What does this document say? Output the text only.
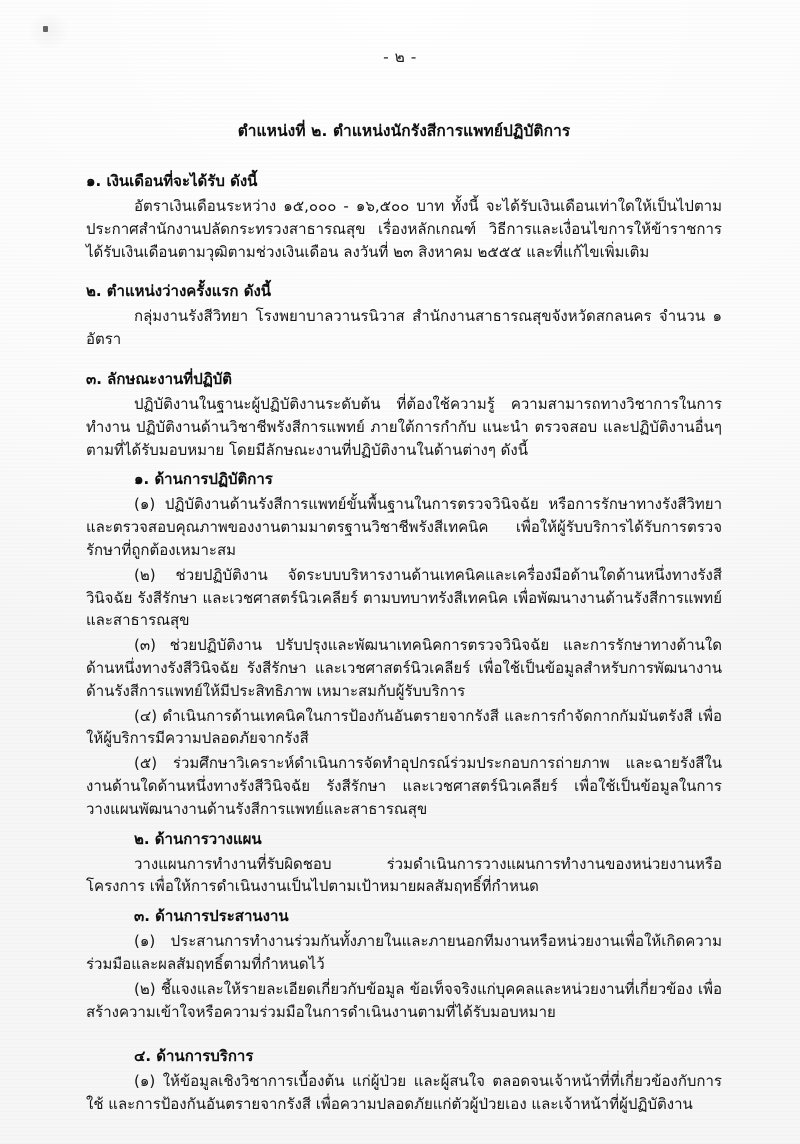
- ๒ -
ตำแหน่งที่ ๒. ตำแหน่งนักรังสีการแพทย์ปฏิบัติการ
๑. เงินเดือนที่จะได้รับ ดังนี้

อัตราเงินเดือนระหว่าง ๑๕,๐๐๐ - ๑๖,๕๐๐ บาท ทั้งนี้ จะได้รับเงินเดือนเท่าใดให้เป็นไปตามประกาศสำนักงานปลัดกระทรวงสาธารณสุข เรื่องหลักเกณฑ์ วิธีการและเงื่อนไขการให้ข้าราชการได้รับเงินเดือนตามวุฒิตามช่วงเงินเดือน ลงวันที่ ๒๓ สิงหาคม ๒๕๕๕ และที่แก้ไขเพิ่มเติม

๒. ตำแหน่งว่างครั้งแรก ดังนี้

กลุ่มงานรังสีวิทยา โรงพยาบาลวานรนิวาส สำนักงานสาธารณสุขจังหวัดสกลนคร จำนวน ๑ อัตรา

๓. ลักษณะงานที่ปฏิบัติ

ปฏิบัติงานในฐานะผู้ปฏิบัติงานระดับต้น ที่ต้องใช้ความรู้ ความสามารถทางวิชาการในการทำงาน ปฏิบัติงานด้านวิชาชีพรังสีการแพทย์ ภายใต้การกำกับ แนะนำ ตรวจสอบ และปฏิบัติงานอื่นๆ ตามที่ได้รับมอบหมาย โดยมีลักษณะงานที่ปฏิบัติงานในด้านต่างๆ ดังนี้

๑. ด้านการปฏิบัติการ

(๑) ปฏิบัติงานด้านรังสีการแพทย์ขั้นพื้นฐานในการตรวจวินิจฉัย หรือการรักษาทางรังสีวิทยา และตรวจสอบคุณภาพของงานตามมาตรฐานวิชาชีพรังสีเทคนิค เพื่อให้ผู้รับบริการได้รับการตรวจรักษาที่ถูกต้องเหมาะสม

(๒) ช่วยปฏิบัติงาน จัดระบบบริหารงานด้านเทคนิคและเครื่องมือด้านใดด้านหนึ่งทางรังสีวินิจฉัย รังสีรักษา และเวชศาสตร์นิวเคลียร์ ตามบทบาทรังสีเทคนิค เพื่อพัฒนางานด้านรังสีการแพทย์ และสาธารณสุข

(๓) ช่วยปฏิบัติงาน ปรับปรุงและพัฒนาเทคนิคการตรวจวินิจฉัย และการรักษาทางด้านใดด้านหนึ่งทางรังสีวินิจฉัย รังสีรักษา และเวชศาสตร์นิวเคลียร์ เพื่อใช้เป็นข้อมูลสำหรับการพัฒนางานด้านรังสีการแพทย์ให้มีประสิทธิภาพ เหมาะสมกับผู้รับบริการ

(๔) ดำเนินการด้านเทคนิคในการป้องกันอันตรายจากรังสี และการกำจัดกากกัมมันตรังสี เพื่อให้ผู้บริการมีความปลอดภัยจากรังสี

(๕) ร่วมศึกษาวิเคราะห์ดำเนินการจัดทำอุปกรณ์ร่วมประกอบการถ่ายภาพ และฉายรังสีในงานด้านใดด้านหนึ่งทางรังสีวินิจฉัย รังสีรักษา และเวชศาสตร์นิวเคลียร์ เพื่อใช้เป็นข้อมูลในการวางแผนพัฒนางานด้านรังสีการแพทย์และสาธารณสุข

๒. ด้านการวางแผน

วางแผนการทำงานที่รับผิดชอบ ร่วมดำเนินการวางแผนการทำงานของหน่วยงานหรือโครงการ เพื่อให้การดำเนินงานเป็นไปตามเป้าหมายผลสัมฤทธิ์ที่กำหนด

๓. ด้านการประสานงาน

(๑) ประสานการทำงานร่วมกันทั้งภายในและภายนอกทีมงานหรือหน่วยงานเพื่อให้เกิดความร่วมมือและผลสัมฤทธิ์ตามที่กำหนดไว้

(๒) ชี้แจงและให้รายละเอียดเกี่ยวกับข้อมูล ข้อเท็จจริงแก่บุคคลและหน่วยงานที่เกี่ยวข้อง เพื่อสร้างความเข้าใจหรือความร่วมมือในการดำเนินงานตามที่ได้รับมอบหมาย

๔. ด้านการบริการ

(๑) ให้ข้อมูลเชิงวิชาการเบื้องต้น แก่ผู้ป่วย และผู้สนใจ ตลอดจนเจ้าหน้าที่ที่เกี่ยวข้องกับการใช้ และการป้องกันอันตรายจากรังสี เพื่อความปลอดภัยแก่ตัวผู้ป่วยเอง และเจ้าหน้าที่ผู้ปฏิบัติงาน
